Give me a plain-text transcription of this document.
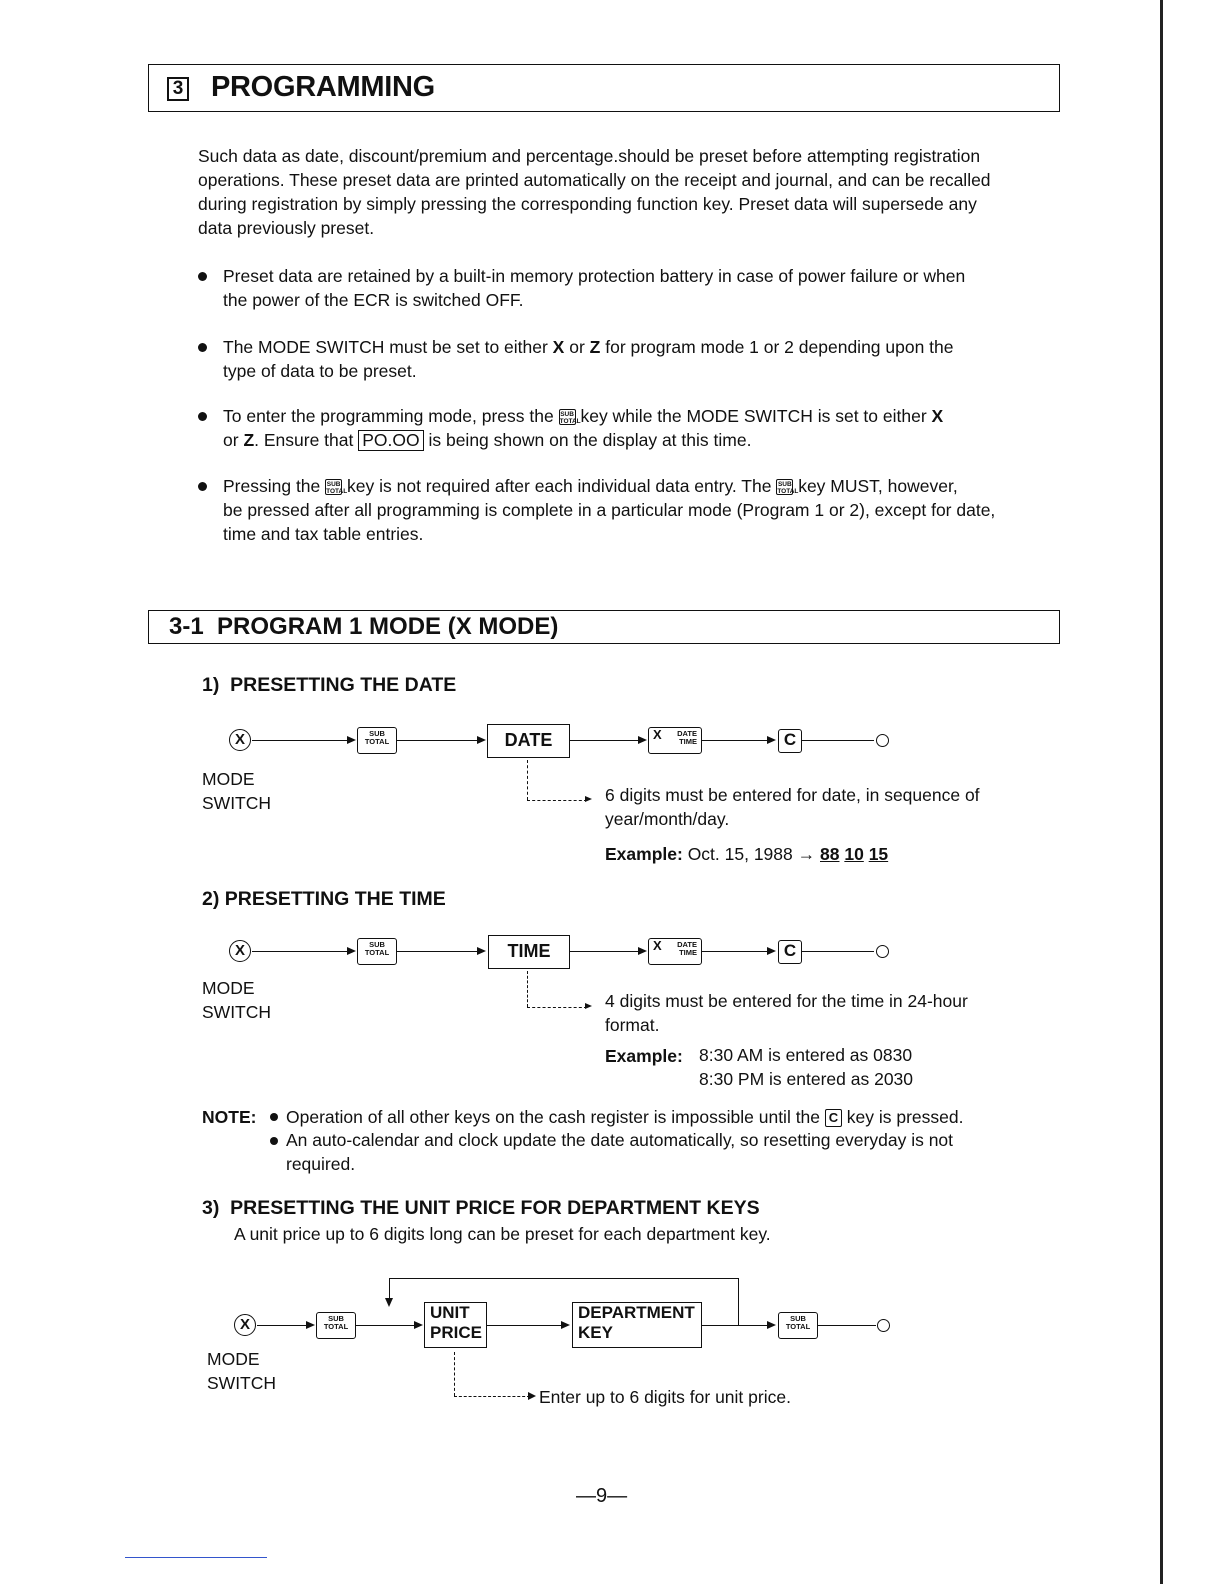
3 PROGRAMMING
Such data as date, discount/premium and percentage.should be preset before attempting registration
operations. These preset data are printed automatically on the receipt and journal, and can be recalled
during registration by simply pressing the corresponding function key. Preset data will supersede any
data previously preset.
Preset data are retained by a built-in memory protection battery in case of power failure or when
the power of the ECR is switched OFF.
The MODE SWITCH must be set to either X or Z for program mode 1 or 2 depending upon the
type of data to be preset.
To enter the programming mode, press the SUB
TOTAL key while the MODE SWITCH is set to either X
or Z. Ensure that PO.OO is being shown on the display at this time.
Pressing the SUB
TOTAL key is not required after each individual data entry. The SUB
TOTAL key MUST, however,
be pressed after all programming is complete in a particular mode (Program 1 or 2), except for date,
time and tax table entries.
3-1  PROGRAM 1 MODE (X MODE)
1)  PRESETTING THE DATE
X	SUB
TOTAL	DATE	DATE
TIME
X	C
MODE
SWITCH	6 digits must be entered for date, in sequence of
year/month/day.
Example: Oct. 15, 1988 → 88 10 15
2) PRESETTING THE TIME
X	SUB
TOTAL	TIME	DATE
TIME
X	C
MODE
SWITCH
4 digits must be entered for the time in 24-hour
format.
Example: 8:30 AM is entered as 0830
8:30 PM is entered as 2030
NOTE: Operation of all other keys on the cash register is impossible until the C key is pressed.
An auto-calendar and clock update the date automatically, so resetting everyday is not
required.
3)  PRESETTING THE UNIT PRICE FOR DEPARTMENT KEYS
A unit price up to 6 digits long can be preset for each department key.
X	SUB
TOTAL
UNIT
PRICE
DEPARTMENT
KEY
SUB
TOTAL
MODE
SWITCH
Enter up to 6 digits for unit price.
—9—
